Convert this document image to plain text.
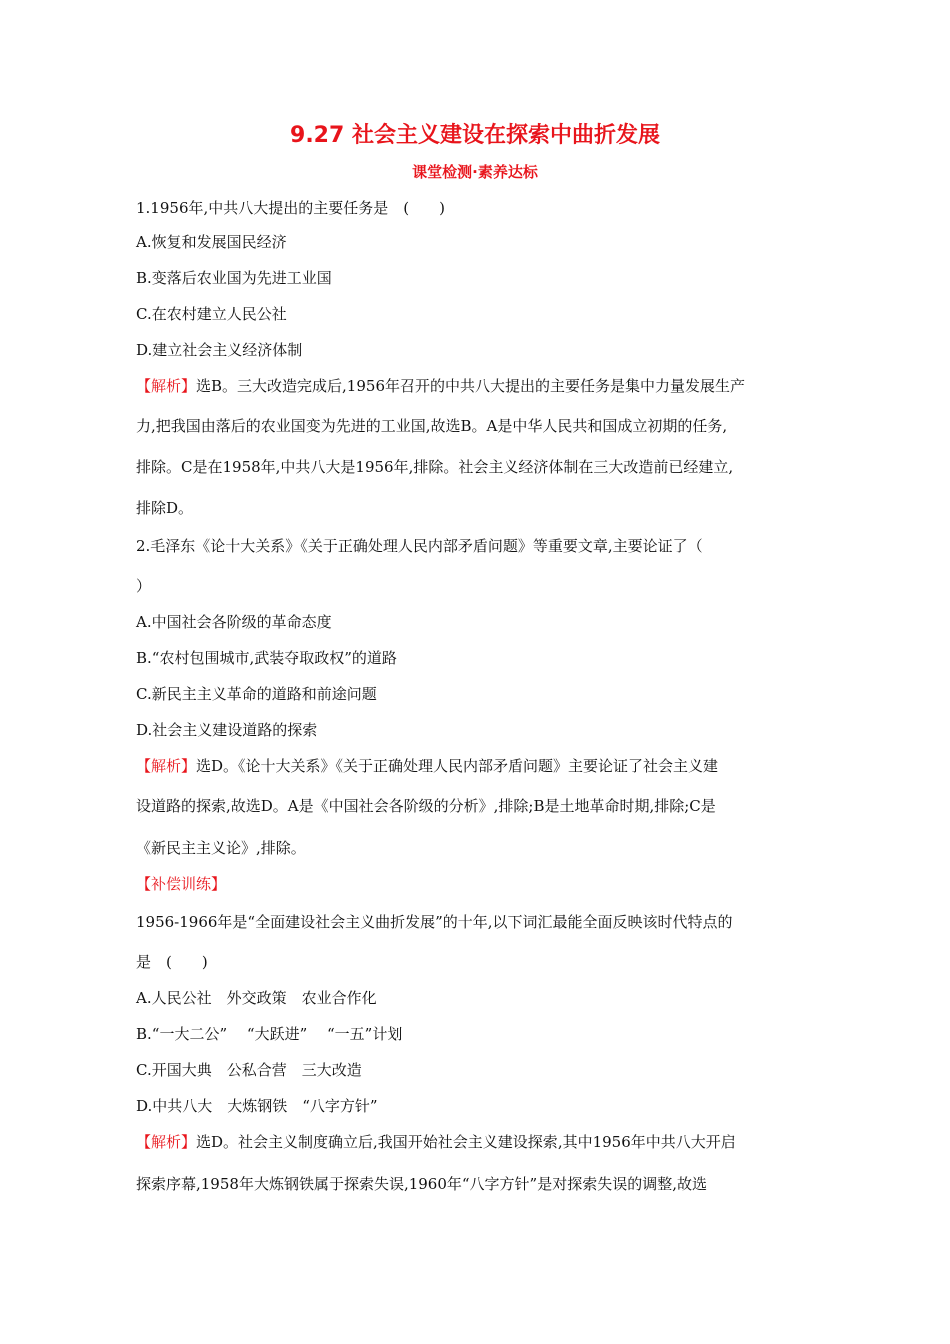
9.27 社会主义建设在探索中曲折发展
课堂检测·素养达标
1.1956年,中共八大提出的主要任务是　(　　)
A.恢复和发展国民经济
B.变落后农业国为先进工业国
C.在农村建立人民公社
D.建立社会主义经济体制
【解析】选B。三大改造完成后,1956年召开的中共八大提出的主要任务是集中力量发展生产
力,把我国由落后的农业国变为先进的工业国,故选B。A是中华人民共和国成立初期的任务,
排除。C是在1958年,中共八大是1956年,排除。社会主义经济体制在三大改造前已经建立,
排除D。
2.毛泽东《论十大关系》《关于正确处理人民内部矛盾问题》等重要文章,主要论证了（
）
A.中国社会各阶级的革命态度
B.“农村包围城市,武装夺取政权”的道路
C.新民主主义革命的道路和前途问题
D.社会主义建设道路的探索
【解析】选D。《论十大关系》《关于正确处理人民内部矛盾问题》主要论证了社会主义建
设道路的探索,故选D。A是《中国社会各阶级的分析》,排除;B是土地革命时期,排除;C是
《新民主主义论》,排除。
【补偿训练】
1956-1966年是“全面建设社会主义曲折发展”的十年,以下词汇最能全面反映该时代特点的
是　(　　)
A.人民公社　外交政策　农业合作化
B.“一大二公”　 “大跃进”　 “一五”计划
C.开国大典　公私合营　三大改造
D.中共八大　大炼钢铁　“八字方针”
【解析】选D。社会主义制度确立后,我国开始社会主义建设探索,其中1956年中共八大开启
探索序幕,1958年大炼钢铁属于探索失误,1960年“八字方针”是对探索失误的调整,故选
